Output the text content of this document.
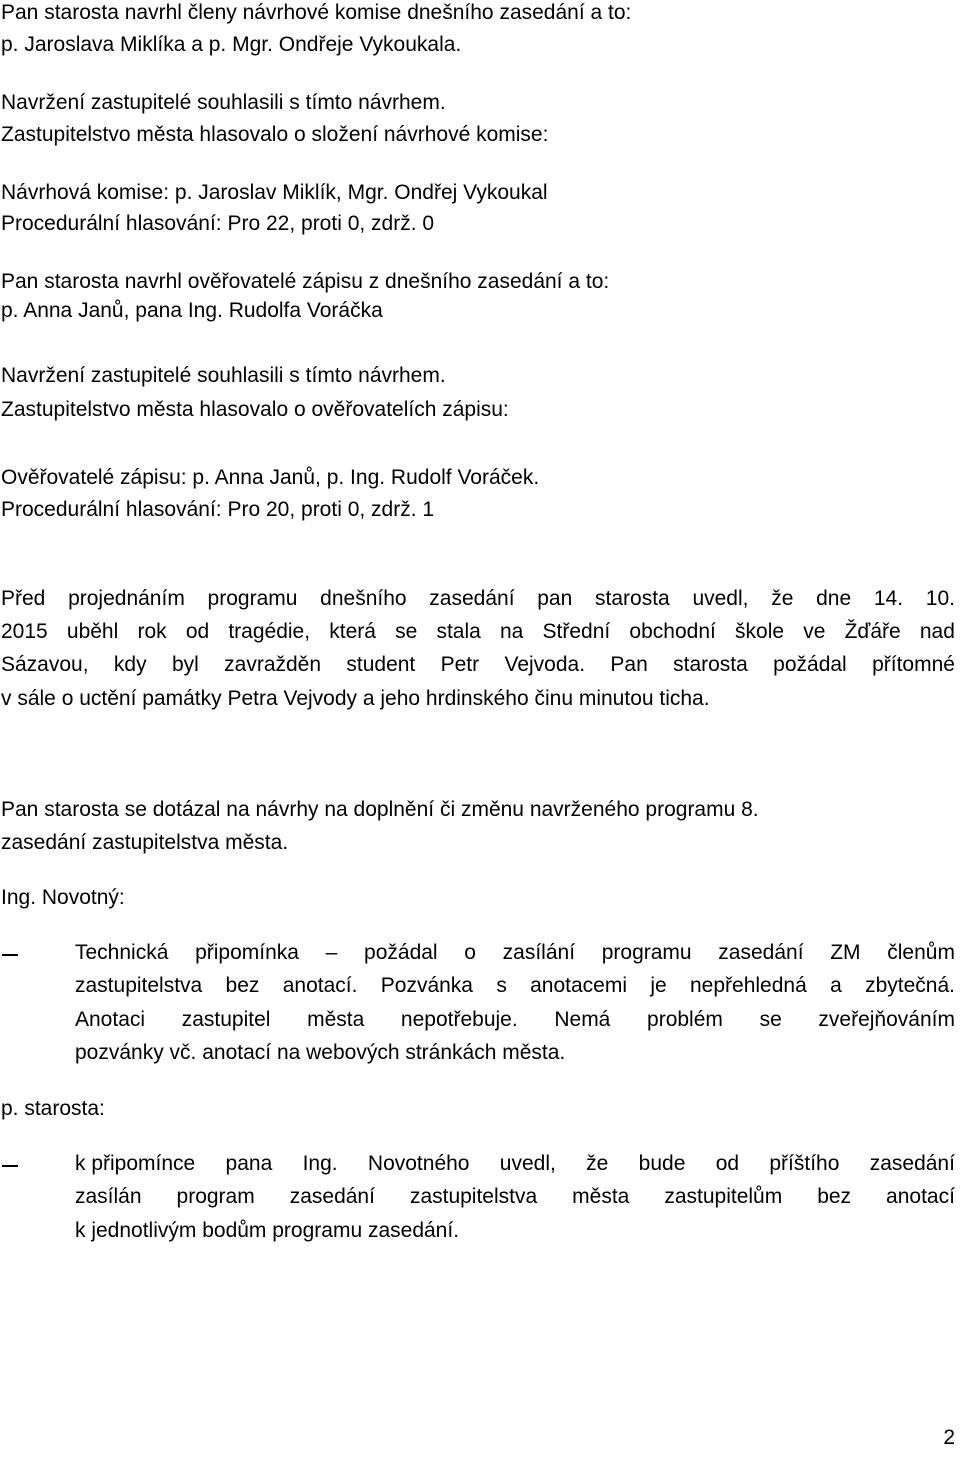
Pan starosta navrhl členy návrhové komise dnešního zasedání a to:
p. Jaroslava Miklíka a p. Mgr. Ondřeje Vykoukala.
Navržení zastupitelé souhlasili s tímto návrhem.
Zastupitelstvo města hlasovalo o složení návrhové komise:
Návrhová komise: p. Jaroslav Miklík, Mgr. Ondřej Vykoukal
Procedurální hlasování: Pro 22, proti 0, zdrž. 0
Pan starosta navrhl ověřovatelé zápisu z dnešního zasedání a to:
p. Anna Janů, pana Ing. Rudolfa Voráčka
Navržení zastupitelé souhlasili s tímto návrhem.
Zastupitelstvo města hlasovalo o ověřovatelích zápisu:
Ověřovatelé zápisu: p. Anna Janů, p. Ing. Rudolf Voráček.
Procedurální hlasování: Pro 20, proti 0, zdrž. 1
Před projednáním programu dnešního zasedání pan starosta uvedl, že dne 14. 10.
2015 uběhl rok od tragédie, která se stala na Střední obchodní škole ve Žďáře nad
Sázavou, kdy byl zavražděn student Petr Vejvoda. Pan starosta požádal přítomné
v sále o uctění památky Petra Vejvody a jeho hrdinského činu minutou ticha.
Pan starosta se dotázal na návrhy na doplnění či změnu navrženého programu 8.
zasedání zastupitelstva města.
Ing. Novotný:
Technická připomínka – požádal o zasílání programu zasedání ZM členům
zastupitelstva bez anotací. Pozvánka s anotacemi je nepřehledná a zbytečná.
Anotaci zastupitel města nepotřebuje. Nemá problém se zveřejňováním
pozvánky vč. anotací na webových stránkách města.
p. starosta:
k připomínce pana Ing. Novotného uvedl, že bude od příštího zasedání
zasílán program zasedání zastupitelstva města zastupitelům bez anotací
k jednotlivým bodům programu zasedání.
2
